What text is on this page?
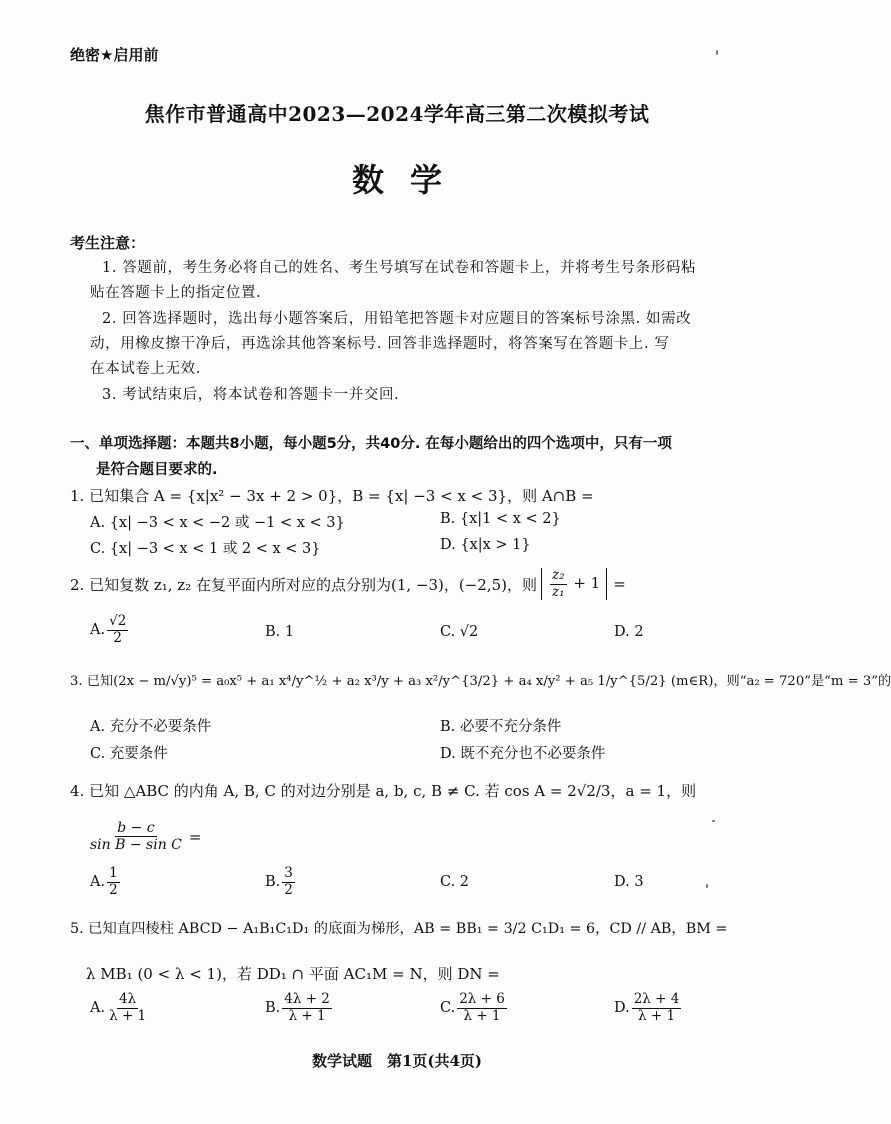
绝密★启用前
焦作市普通高中2023—2024学年高三第二次模拟考试
数学
考生注意：
1. 答题前，考生务必将自己的姓名、考生号填写在试卷和答题卡上，并将考生号条形码粘
贴在答题卡上的指定位置.
2. 回答选择题时，选出每小题答案后，用铅笔把答题卡对应题目的答案标号涂黑. 如需改
动，用橡皮擦干净后，再选涂其他答案标号. 回答非选择题时，将答案写在答题卡上. 写
在本试卷上无效.
3. 考试结束后，将本试卷和答题卡一并交回.
一、单项选择题：本题共8小题，每小题5分，共40分. 在每小题给出的四个选项中，只有一项
是符合题目要求的.
1. 已知集合 A = {x|x² − 3x + 2 > 0}，B = {x| −3 < x < 3}，则 A∩B =
A. {x| −3 < x < −2 或 −1 < x < 3}	B. {x|1 < x < 2}
C. {x| −3 < x < 1 或 2 < x < 3}	D. {x|x > 1}
2. 已知复数 z₁, z₂ 在复平面内所对应的点分别为(1, −3)，(−2,5)，则 $\frac{\text{z₂}}{\text{z₁}} + 1$ =
A. $\frac{√2}{2}$	B. 1	C. √2	D. 2
3. 已知(2x − m/√y)⁵ = a₀x⁵ + a₁ x⁴/y^½ + a₂ x³/y + a₃ x²/y^{3/2} + a₄ x/y² + a₅ 1/y^{5/2} (m∈R)，则“a₂ = 720”是“m = 3”的
A. 充分不必要条件	B. 必要不充分条件
C. 充要条件	D. 既不充分也不必要条件
4. 已知 △ABC 的内角 A, B, C 的对边分别是 a, b, c, B ≠ C. 若 cos A = 2√2/3，a = 1，则
$\frac{b - c}{\text{sin B − sin C}}$ =
A. $\frac{1}{2}$	B. $\frac{3}{2}$	C. 2	D. 3
5. 已知直四棱柱 ABCD − A₁B₁C₁D₁ 的底面为梯形，AB = BB₁ = 3/2 C₁D₁ = 6，CD // AB，BM =
λ MB₁ (0 < λ < 1)，若 DD₁ ∩ 平面 AC₁M = N，则 DN =
A. $\frac{4\lambda}{\lambda + 1}$	B. $\frac{4\lambda + 2}{\lambda + 1}$	C. $\frac{2\lambda + 6}{\lambda + 1}$	D. $\frac{2\lambda + 4}{\lambda + 1}$
数学试题　第1页(共4页)
